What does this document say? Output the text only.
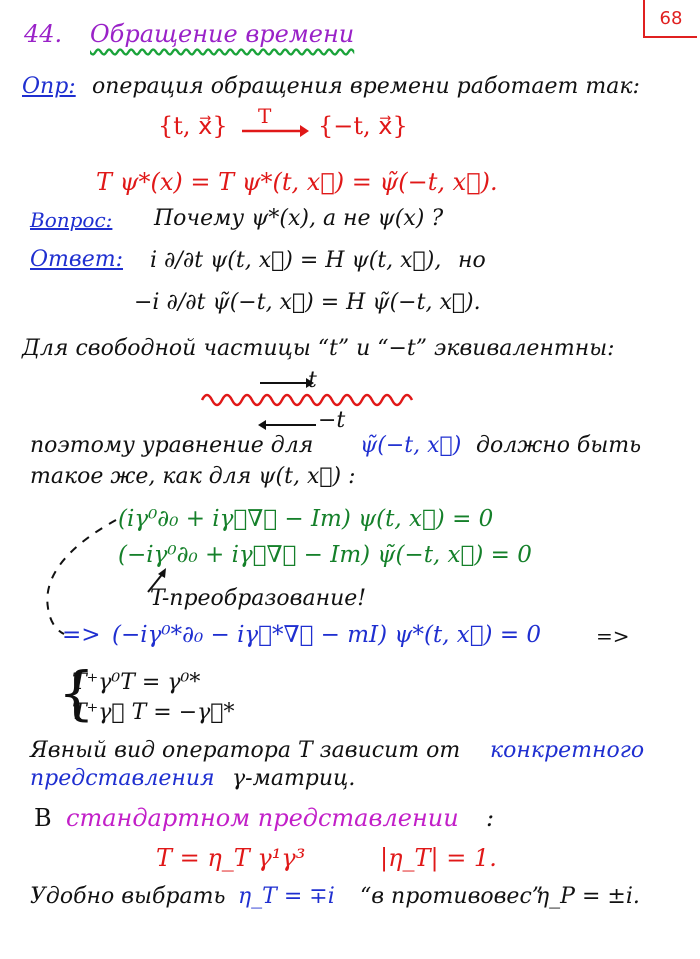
68
44. Обращение времени
Опр: операция обращения времени работает так:
{t, x⃗} T {−t, x⃗}
T ψ*(x) = T ψ*(t, x⃗) = ψ̃(−t, x⃗).
Вопрос: Почему ψ*(x), а не ψ(x) ?
Ответ: i ∂/∂t ψ(t, x⃗) = H ψ(t, x⃗), но
−i ∂/∂t ψ̃(−t, x⃗) = H ψ̃(−t, x⃗).
Для свободной частицы “t” и “−t” эквивалентны:
t
−t
поэтому уравнение для ψ̃(−t, x⃗) должно быть
такое же, как для ψ(t, x⃗) :
(iγ⁰∂₀ + iγ⃗∇⃗ − Im) ψ(t, x⃗) = 0
(−iγ⁰∂₀ + iγ⃗∇⃗ − Im) ψ̃(−t, x⃗) = 0
T-преобразование!
=> (−iγ⁰*∂₀ − iγ⃗*∇⃗ − mI) ψ*(t, x⃗) = 0	=>
{
T⁺γ⁰T = γ⁰*
T⁺γ⃗ T = −γ⃗*
Явный вид оператора T зависит от конкретного
представления γ-матриц.
В стандартном представлении :
T = η_T γ¹γ³	|η_T| = 1.
Удобно выбрать η_T = ∓i “в противовес”
η_P = ±i.
